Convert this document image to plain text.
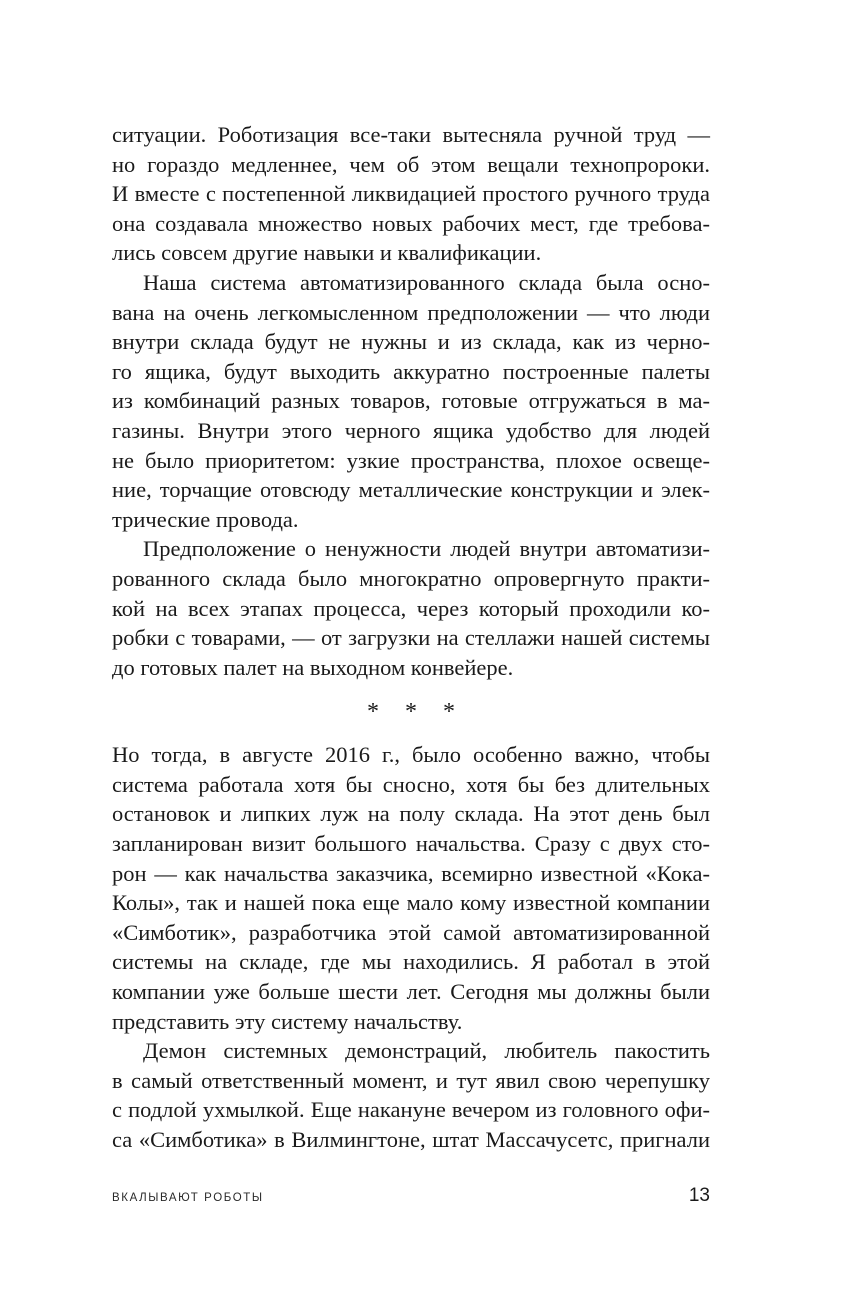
ситуации. Роботизация все-таки вытесняла ручной труд —
но гораздо медленнее, чем об этом вещали технопророки.
И вместе с постепенной ликвидацией простого ручного труда
она создавала множество новых рабочих мест, где требова-
лись совсем другие навыки и квалификации.
Наша система автоматизированного склада была осно-
вана на очень легкомысленном предположении — что люди
внутри склада будут не нужны и из склада, как из черно-
го ящика, будут выходить аккуратно построенные палеты
из комбинаций разных товаров, готовые отгружаться в ма-
газины. Внутри этого черного ящика удобство для людей
не было приоритетом: узкие пространства, плохое освеще-
ние, торчащие отовсюду металлические конструкции и элек-
трические провода.
Предположение о ненужности людей внутри автоматизи-
рованного склада было многократно опровергнуто практи-
кой на всех этапах процесса, через который проходили ко-
робки с товарами, — от загрузки на стеллажи нашей системы
до готовых палет на выходном конвейере.
* * *
Но тогда, в августе 2016 г., было особенно важно, чтобы
система работала хотя бы сносно, хотя бы без длительных
остановок и липких луж на полу склада. На этот день был
запланирован визит большого начальства. Сразу с двух сто-
рон — как начальства заказчика, всемирно известной «Кока-
Колы», так и нашей пока еще мало кому известной компании
«Симботик», разработчика этой самой автоматизированной
системы на складе, где мы находились. Я работал в этой
компании уже больше шести лет. Сегодня мы должны были
представить эту систему начальству.
Демон системных демонстраций, любитель пакостить
в самый ответственный момент, и тут явил свою черепушку
с подлой ухмылкой. Еще накануне вечером из головного офи-
са «Симботика» в Вилмингтоне, штат Массачусетс, пригнали
ВКАЛЫВАЮТ РОБОТЫ	13
